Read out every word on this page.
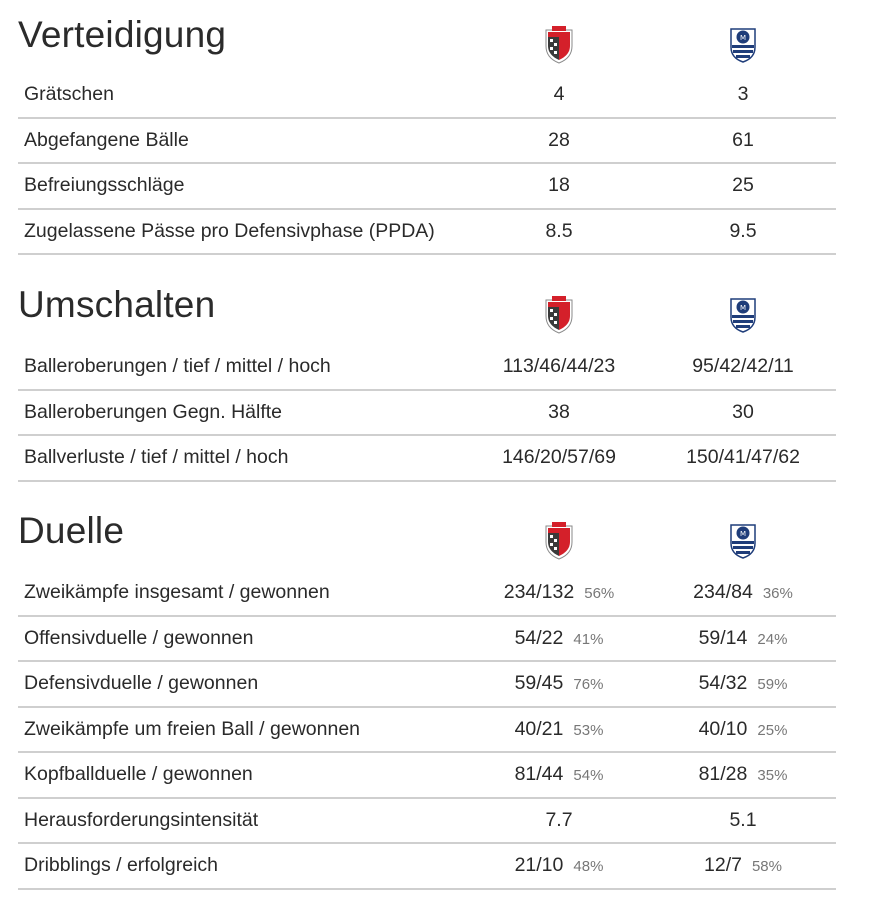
Verteidigung
Grätschen	4	3
Abgefangene Bälle	28	61
Befreiungsschläge	18	25
Zugelassene Pässe pro Defensivphase (PPDA)	8.5	9.5
Umschalten
Balleroberungen / tief / mittel / hoch	113/46/44/23	95/42/42/11
Balleroberungen Gegn. Hälfte	38	30
Ballverluste / tief / mittel / hoch	146/20/57/69	150/41/47/62
Duelle
Zweikämpfe insgesamt / gewonnen	234/132 56%	234/84 36%
Offensivduelle / gewonnen	54/22 41%	59/14 24%
Defensivduelle / gewonnen	59/45 76%	54/32 59%
Zweikämpfe um freien Ball / gewonnen	40/21 53%	40/10 25%
Kopfballduelle / gewonnen	81/44 54%	81/28 35%
Herausforderungsintensität	7.7	5.1
Dribblings / erfolgreich	21/10 48%	12/7 58%
